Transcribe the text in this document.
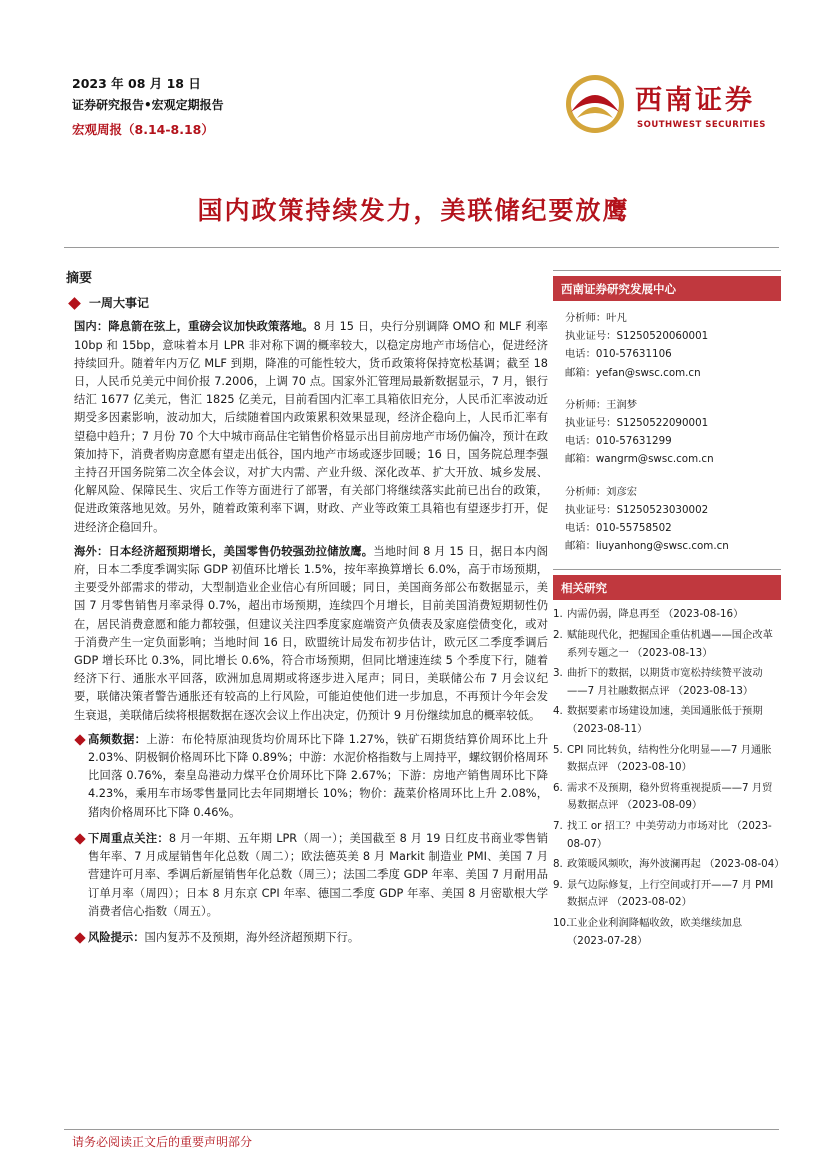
2023 年 08 月 18 日
证券研究报告•宏观定期报告
宏观周报（8.14-8.18）
西南证券
SOUTHWEST SECURITIES
国内政策持续发力，美联储纪要放鹰
摘要
一周大事记

国内：降息箭在弦上，重磅会议加快政策落地。8 月 15 日，央行分别调降 OMO 和 MLF 利率 10bp 和 15bp，意味着本月 LPR 非对称下调的概率较大，以稳定房地产市场信心，促进经济持续回升。随着年内万亿 MLF 到期，降准的可能性较大，货币政策将保持宽松基调；截至 18 日，人民币兑美元中间价报 7.2006，上调 70 点。国家外汇管理局最新数据显示，7 月，银行结汇 1677 亿美元，售汇 1825 亿美元，目前看国内汇率工具箱依旧充分，人民币汇率波动近期受多因素影响，波动加大，后续随着国内政策累积效果显现，经济企稳向上，人民币汇率有望稳中趋升；7 月份 70 个大中城市商品住宅销售价格显示出目前房地产市场仍偏冷，预计在政策加持下，消费者购房意愿有望走出低谷，国内地产市场或逐步回暖；16 日，国务院总理李强主持召开国务院第二次全体会议，对扩大内需、产业升级、深化改革、扩大开放、城乡发展、化解风险、保障民生、灾后工作等方面进行了部署，有关部门将继续落实此前已出台的政策，促进政策落地见效。另外，随着政策利率下调，财政、产业等政策工具箱也有望逐步打开，促进经济企稳回升。

海外：日本经济超预期增长，美国零售仍较强劲拉储放鹰。当地时间 8 月 15 日，据日本内阁府，日本二季度季调实际 GDP 初值环比增长 1.5%，按年率换算增长 6.0%，高于市场预期，主要受外部需求的带动，大型制造业企业信心有所回暖；同日，美国商务部公布数据显示，美国 7 月零售销售月率录得 0.7%，超出市场预期，连续四个月增长，目前美国消费短期韧性仍在，居民消费意愿和能力都较强，但建议关注四季度家庭端资产负债表及家庭偿债变化，或对于消费产生一定负面影响；当地时间 16 日，欧盟统计局发布初步估计，欧元区二季度季调后 GDP 增长环比 0.3%，同比增长 0.6%，符合市场预期，但同比增速连续 5 个季度下行，随着经济下行、通胀水平回落，欧洲加息周期或将逐步进入尾声；同日，美联储公布 7 月会议纪要，联储决策者警告通胀还有较高的上行风险，可能迫使他们进一步加息，不再预计今年会发生衰退，美联储后续将根据数据在逐次会议上作出决定，仍预计 9 月份继续加息的概率较低。

高频数据：上游：布伦特原油现货均价周环比下降 1.27%，铁矿石期货结算价周环比上升 2.03%、阴极铜价格周环比下降 0.89%；中游：水泥价格指数与上周持平，螺纹钢价格周环比回落 0.76%，秦皇岛港动力煤平仓价周环比下降 2.67%；下游：房地产销售周环比下降 4.23%，乘用车市场零售量同比去年同期增长 10%；物价：蔬菜价格周环比上升 2.08%，猪肉价格周环比下降 0.46%。

下周重点关注：8 月一年期、五年期 LPR（周一）；美国截至 8 月 19 日红皮书商业零售销售年率、7 月成屋销售年化总数（周二）；欧法德英美 8 月 Markit 制造业 PMI、美国 7 月营建许可月率、季调后新屋销售年化总数（周三）；法国二季度 GDP 年率、美国 7 月耐用品订单月率（周四）；日本 8 月东京 CPI 年率、德国二季度 GDP 年率、美国 8 月密歇根大学消费者信心指数（周五）。

风险提示：国内复苏不及预期，海外经济超预期下行。

西南证券研究发展中心
分析师：叶凡
执业证号：S1250520060001
电话：010-57631106
邮箱：yefan@swsc.com.cn
分析师：王润梦
执业证号：S1250522090001
电话：010-57631299
邮箱：wangrm@swsc.com.cn
分析师：刘彦宏
执业证号：S1250523030002
电话：010-55758502
邮箱：liuyanhong@swsc.com.cn
相关研究
1. 内需仍弱，降息再至 （2023-08-16）
2. 赋能现代化，把握国企重估机遇——国企改革系列专题之一 （2023-08-13）
3. 曲折下的数据，以期货市宽松持续赞平波动——7 月社融数据点评 （2023-08-13）
4. 数据要素市场建设加速，美国通胀低于预期 （2023-08-11）
5. CPI 同比转负，结构性分化明显——7 月通胀数据点评 （2023-08-10）
6. 需求不及预期，稳外贸将重视提质——7 月贸易数据点评 （2023-08-09）
7. 找工 or 招工？中美劳动力市场对比 （2023-08-07）
8. 政策暖风频吹，海外波澜再起 （2023-08-04）
9. 景气边际修复，上行空间或打开——7 月 PMI 数据点评 （2023-08-02）
10.
工业企业利润降幅收敛，欧美继续加息 （2023-07-28）
请务必阅读正文后的重要声明部分
